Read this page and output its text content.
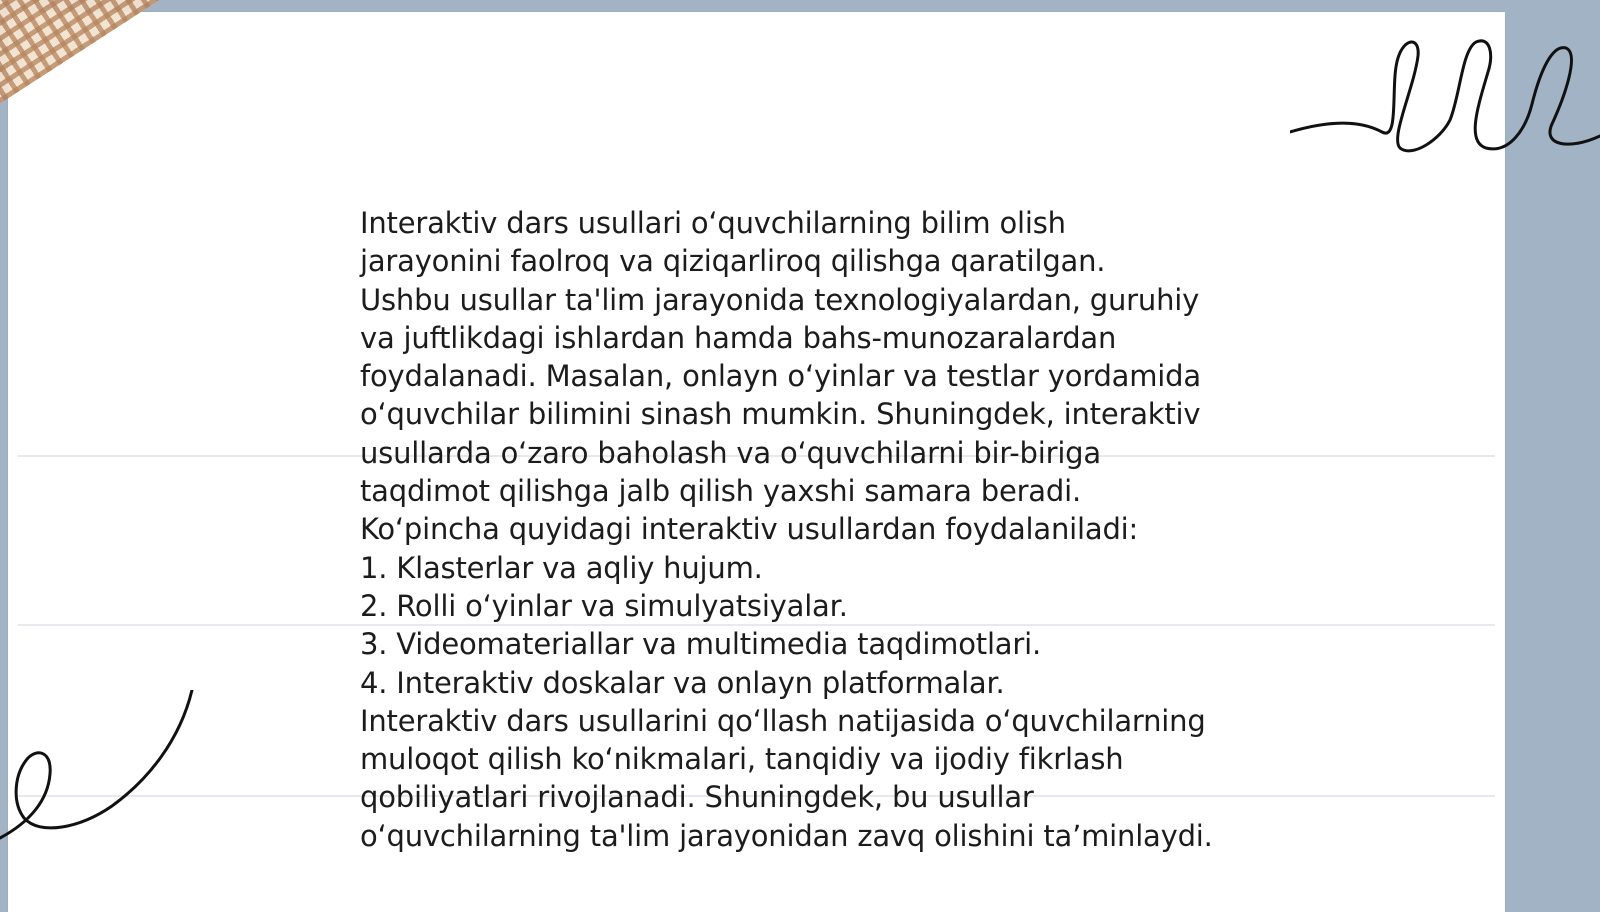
Interaktiv dars usullari o‘quvchilarning bilim olish
jarayonini faolroq va qiziqarliroq qilishga qaratilgan.
Ushbu usullar ta'lim jarayonida texnologiyalardan, guruhiy
va juftlikdagi ishlardan hamda bahs-munozaralardan
foydalanadi. Masalan, onlayn o‘yinlar va testlar yordamida
o‘quvchilar bilimini sinash mumkin. Shuningdek, interaktiv
usullarda o‘zaro baholash va o‘quvchilarni bir-biriga
taqdimot qilishga jalb qilish yaxshi samara beradi.
Ko‘pincha quyidagi interaktiv usullardan foydalaniladi:
1. Klasterlar va aqliy hujum.
2. Rolli o‘yinlar va simulyatsiyalar.
3. Videomateriallar va multimedia taqdimotlari.
4. Interaktiv doskalar va onlayn platformalar.
Interaktiv dars usullarini qo‘llash natijasida o‘quvchilarning
muloqot qilish ko‘nikmalari, tanqidiy va ijodiy fikrlash
qobiliyatlari rivojlanadi. Shuningdek, bu usullar
o‘quvchilarning ta'lim jarayonidan zavq olishini ta’minlaydi.
